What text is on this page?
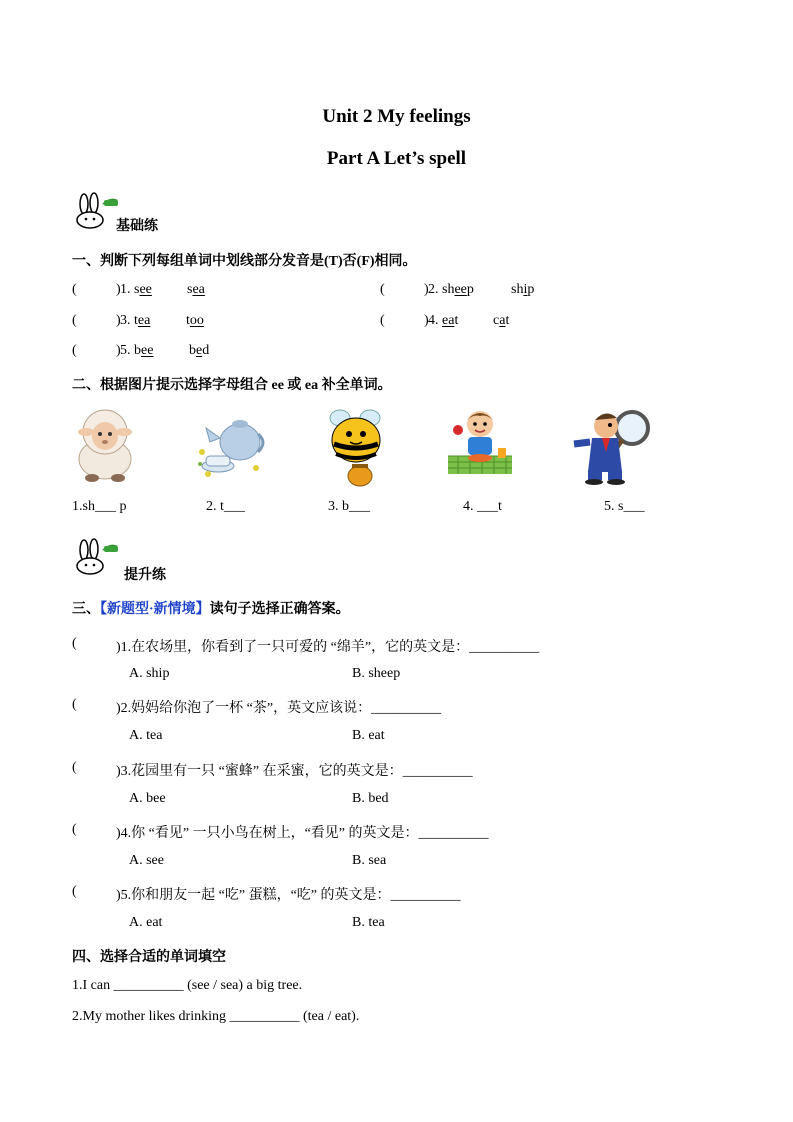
Unit 2 My feelings
Part A Let’s spell
基础练
一、判断下列每组单词中划线部分发音是(T)否(F)相同。
(	) 1. see	sea	(	) 2. sheep	ship
(	) 3. tea	too	(	) 4. eat cat
(	) 5. bee	bed
二、根据图片提示选择字母组合 ee 或 ea 补全单词。
1.sh___ p	2. t___	3. b___	4. ___t	5. s___
提升练
三、【新题型·新情境】读句子选择正确答案。
(	)1.在农场里，你看到了一只可爱的 “绵羊”，它的英文是：__________
A. ship	B. sheep
(	)2.妈妈给你泡了一杯 “茶”，英文应该说：__________
A. tea	B. eat
(	)3.花园里有一只 “蜜蜂” 在采蜜，它的英文是：__________
A. bee	B. bed
(	)4.你 “看见” 一只小鸟在树上，“看见” 的英文是：__________
A. see	B. sea
(	)5.你和朋友一起 “吃” 蛋糕，“吃” 的英文是：__________
A. eat	B. tea
四、选择合适的单词填空
1.I can __________ (see / sea) a big tree.
2.My mother likes drinking __________ (tea / eat).
